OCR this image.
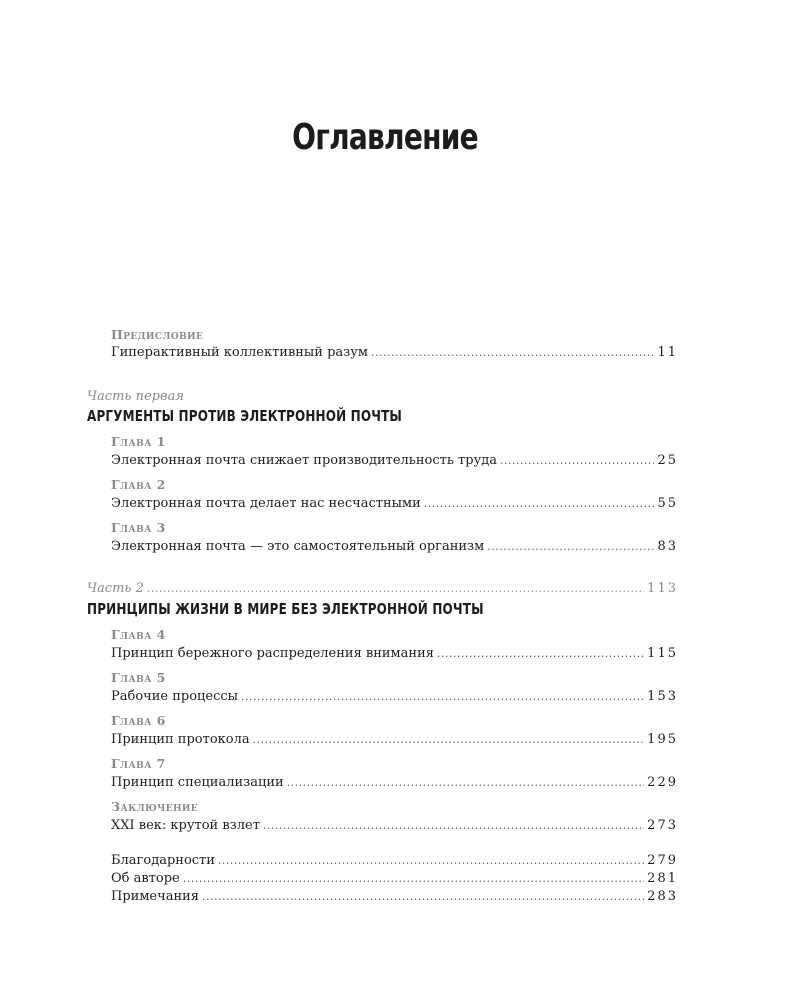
Оглавление
Предисловие
Гиперактивный коллективный разум .....	11
Часть первая
АРГУМЕНТЫ ПРОТИВ ЭЛЕКТРОННОЙ ПОЧТЫ
Глава 1
Электронная почта снижает производительность труда .....	25
Глава 2
Электронная почта делает нас несчастными .....	55
Глава 3
Электронная почта — это самостоятельный организм .....	83
Часть 2 .....	113
ПРИНЦИПЫ ЖИЗНИ В МИРЕ БЕЗ ЭЛЕКТРОННОЙ ПОЧТЫ
Глава 4
Принцип бережного распределения внимания .....	115
Глава 5
Рабочие процессы .....	153
Глава 6
Принцип протокола .....	195
Глава 7
Принцип специализации .....	229
Заключение
XXI век: крутой взлет .....	273
Благодарности .....	279
Об авторе .....	281
Примечания .....	283
